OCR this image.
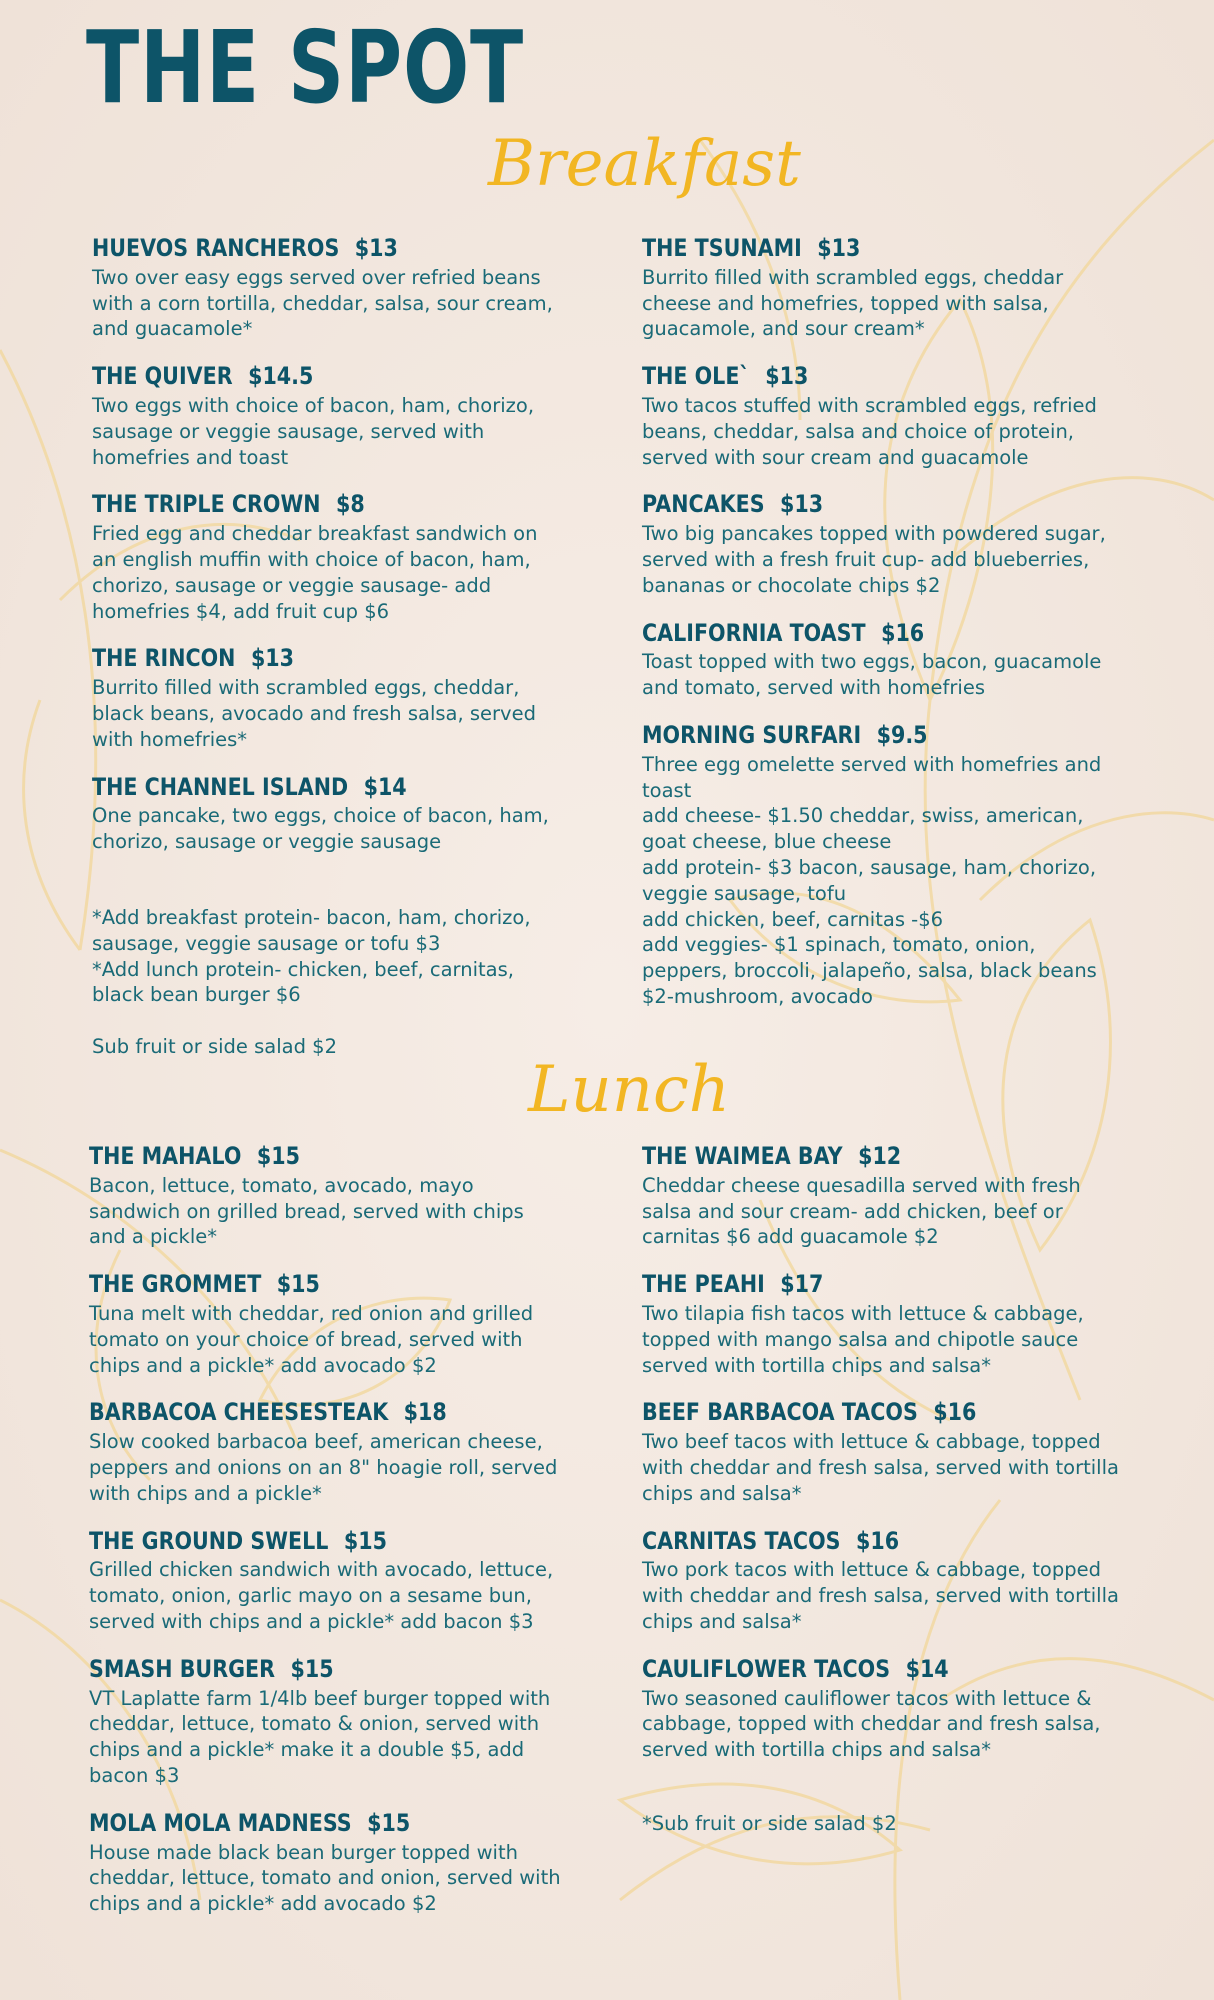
THE SPOT
Breakfast
HUEVOS RANCHEROS $13

Two over easy eggs served over refried beans with a corn tortilla, cheddar, salsa, sour cream, and guacamole*

THE QUIVER $14.5

Two eggs with choice of bacon, ham, chorizo, sausage or veggie sausage, served with homefries and toast

THE TRIPLE CROWN $8

Fried egg and cheddar breakfast sandwich on an english muffin with choice of bacon, ham, chorizo, sausage or veggie sausage- add homefries $4, add fruit cup $6

THE RINCON $13

Burrito filled with scrambled eggs, cheddar, black beans, avocado and fresh salsa, served with homefries*

THE CHANNEL ISLAND $14

One pancake, two eggs, choice of bacon, ham, chorizo, sausage or veggie sausage

*Add breakfast protein- bacon, ham, chorizo, sausage, veggie sausage or tofu $3

*Add lunch protein- chicken, beef, carnitas, black bean burger $6

Sub fruit or side salad $2

THE TSUNAMI $13

Burrito filled with scrambled eggs, cheddar cheese and homefries, topped with salsa, guacamole, and sour cream*

THE OLE` $13

Two tacos stuffed with scrambled eggs, refried beans, cheddar, salsa and choice of protein, served with sour cream and guacamole

PANCAKES $13

Two big pancakes topped with powdered sugar, served with a fresh fruit cup- add blueberries, bananas or chocolate chips $2

CALIFORNIA TOAST $16

Toast topped with two eggs, bacon, guacamole and tomato, served with homefries

MORNING SURFARI $9.5

Three egg omelette served with homefries and toast

add cheese- $1.50 cheddar, swiss, american, goat cheese, blue cheese

add protein- $3 bacon, sausage, ham, chorizo, veggie sausage, tofu

add chicken, beef, carnitas -$6

add veggies- $1 spinach, tomato, onion, peppers, broccoli, jalapeño, salsa, black beans $2-mushroom, avocado

Lunch
THE MAHALO $15

Bacon, lettuce, tomato, avocado, mayo sandwich on grilled bread, served with chips and a pickle*

THE GROMMET $15

Tuna melt with cheddar, red onion and grilled tomato on your choice of bread, served with chips and a pickle* add avocado $2

BARBACOA CHEESESTEAK $18

Slow cooked barbacoa beef, american cheese, peppers and onions on an 8" hoagie roll, served with chips and a pickle*

THE GROUND SWELL $15

Grilled chicken sandwich with avocado, lettuce, tomato, onion, garlic mayo on a sesame bun, served with chips and a pickle* add bacon $3

SMASH BURGER $15

VT Laplatte farm 1/4lb beef burger topped with cheddar, lettuce, tomato & onion, served with chips and a pickle* make it a double $5, add bacon $3

MOLA MOLA MADNESS $15

House made black bean burger topped with cheddar, lettuce, tomato and onion, served with chips and a pickle* add avocado $2

THE WAIMEA BAY $12

Cheddar cheese quesadilla served with fresh salsa and sour cream- add chicken, beef or carnitas $6 add guacamole $2

THE PEAHI $17

Two tilapia fish tacos with lettuce & cabbage, topped with mango salsa and chipotle sauce served with tortilla chips and salsa*

BEEF BARBACOA TACOS $16

Two beef tacos with lettuce & cabbage, topped with cheddar and fresh salsa, served with tortilla chips and salsa*

CARNITAS TACOS $16

Two pork tacos with lettuce & cabbage, topped with cheddar and fresh salsa, served with tortilla chips and salsa*

CAULIFLOWER TACOS $14

Two seasoned cauliflower tacos with lettuce & cabbage, topped with cheddar and fresh salsa, served with tortilla chips and salsa*

*Sub fruit or side salad $2
